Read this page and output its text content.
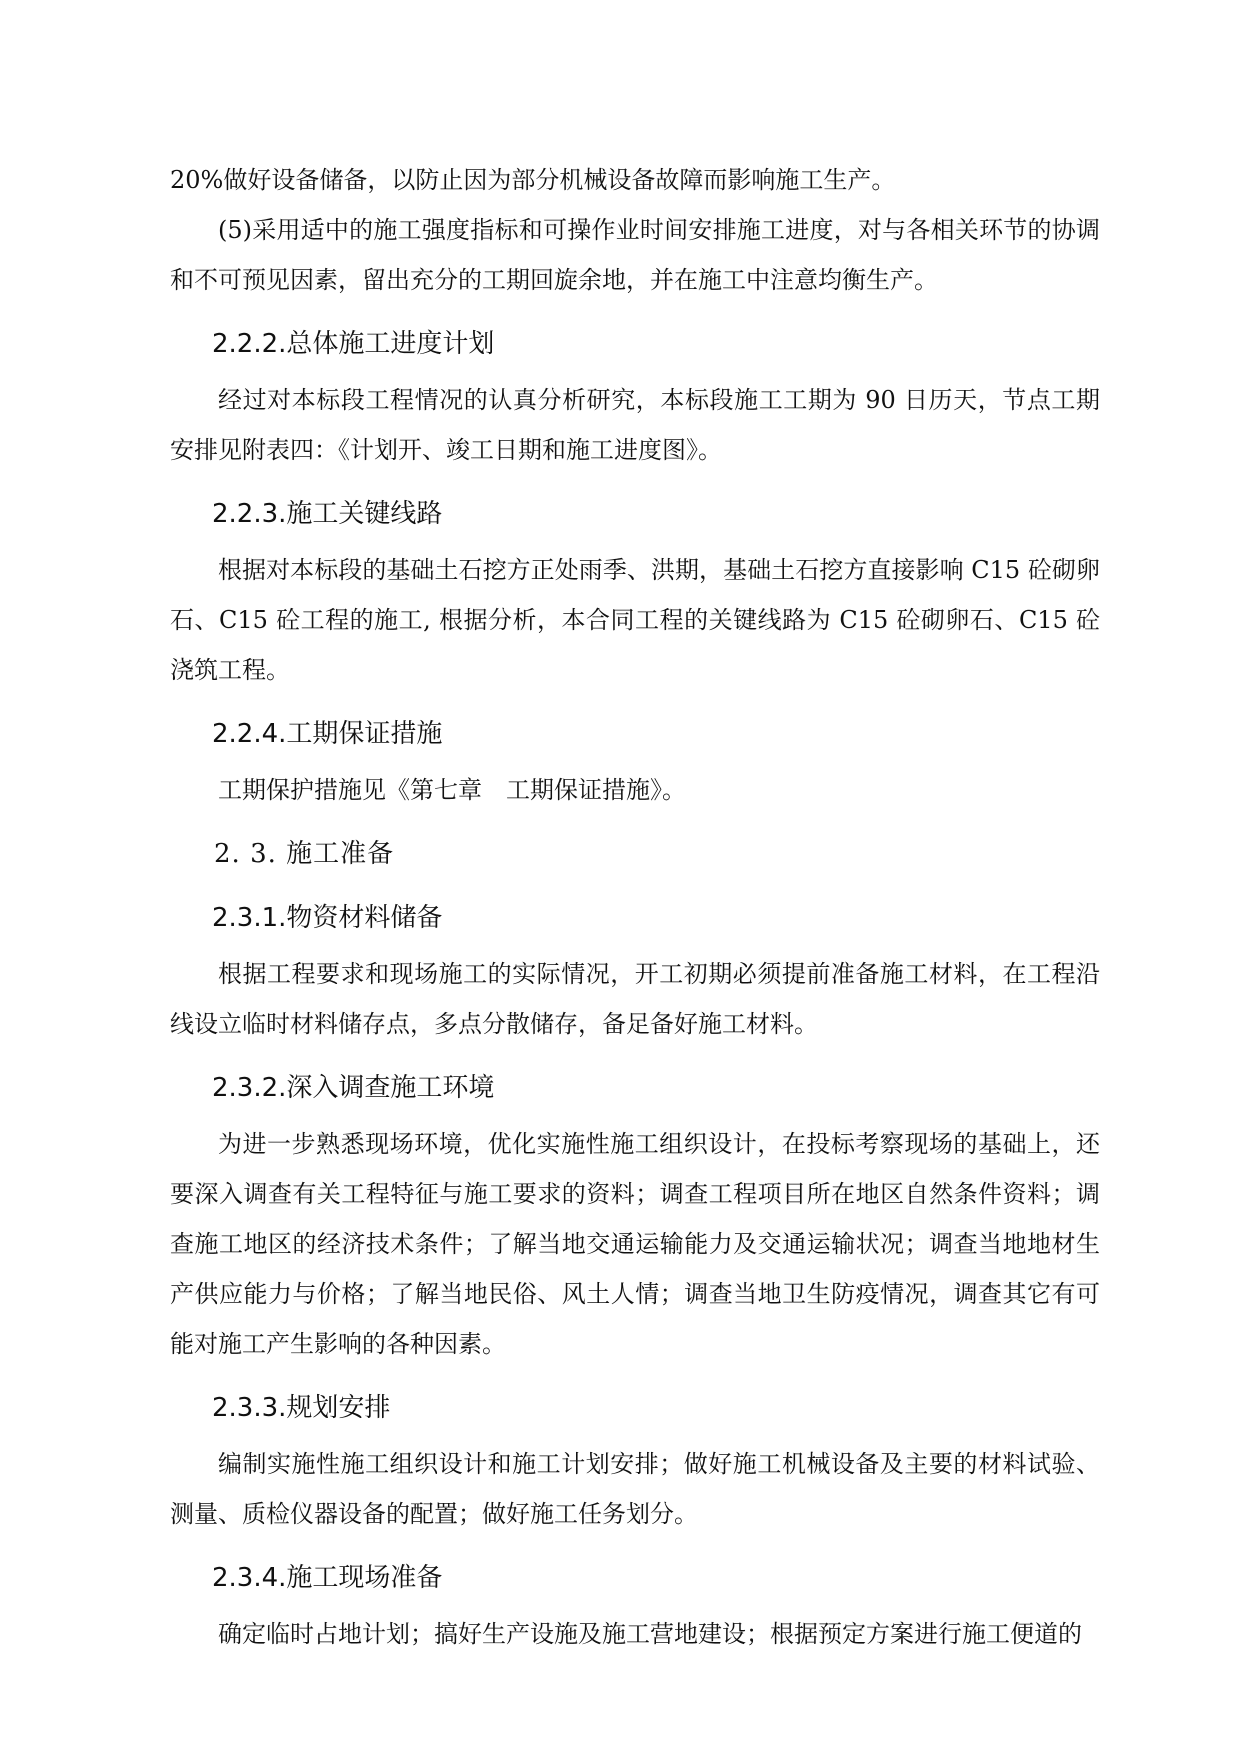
20%做好设备储备，以防止因为部分机械设备故障而影响施工生产。

(5)采用适中的施工强度指标和可操作业时间安排施工进度，对与各相关环节的协调和不可预见因素，留出充分的工期回旋余地，并在施工中注意均衡生产。

2.2.2.总体施工进度计划

经过对本标段工程情况的认真分析研究，本标段施工工期为 90 日历天，节点工期安排见附表四：《计划开、竣工日期和施工进度图》。

2.2.3.施工关键线路

根据对本标段的基础土石挖方正处雨季、洪期，基础土石挖方直接影响 C15 砼砌卵石、C15 砼工程的施工, 根据分析，本合同工程的关键线路为 C15 砼砌卵石、C15 砼浇筑工程。

2.2.4.工期保证措施

工期保护措施见《第七章　工期保证措施》。

2. 3. 施工准备
2.3.1.物资材料储备

根据工程要求和现场施工的实际情况，开工初期必须提前准备施工材料，在工程沿线设立临时材料储存点，多点分散储存，备足备好施工材料。

2.3.2.深入调查施工环境

为进一步熟悉现场环境，优化实施性施工组织设计，在投标考察现场的基础上，还要深入调查有关工程特征与施工要求的资料；调查工程项目所在地区自然条件资料；调查施工地区的经济技术条件；了解当地交通运输能力及交通运输状况；调查当地地材生产供应能力与价格；了解当地民俗、风土人情；调查当地卫生防疫情况，调查其它有可能对施工产生影响的各种因素。

2.3.3.规划安排

编制实施性施工组织设计和施工计划安排；做好施工机械设备及主要的材料试验、测量、质检仪器设备的配置；做好施工任务划分。

2.3.4.施工现场准备

确定临时占地计划；搞好生产设施及施工营地建设；根据预定方案进行施工便道的
